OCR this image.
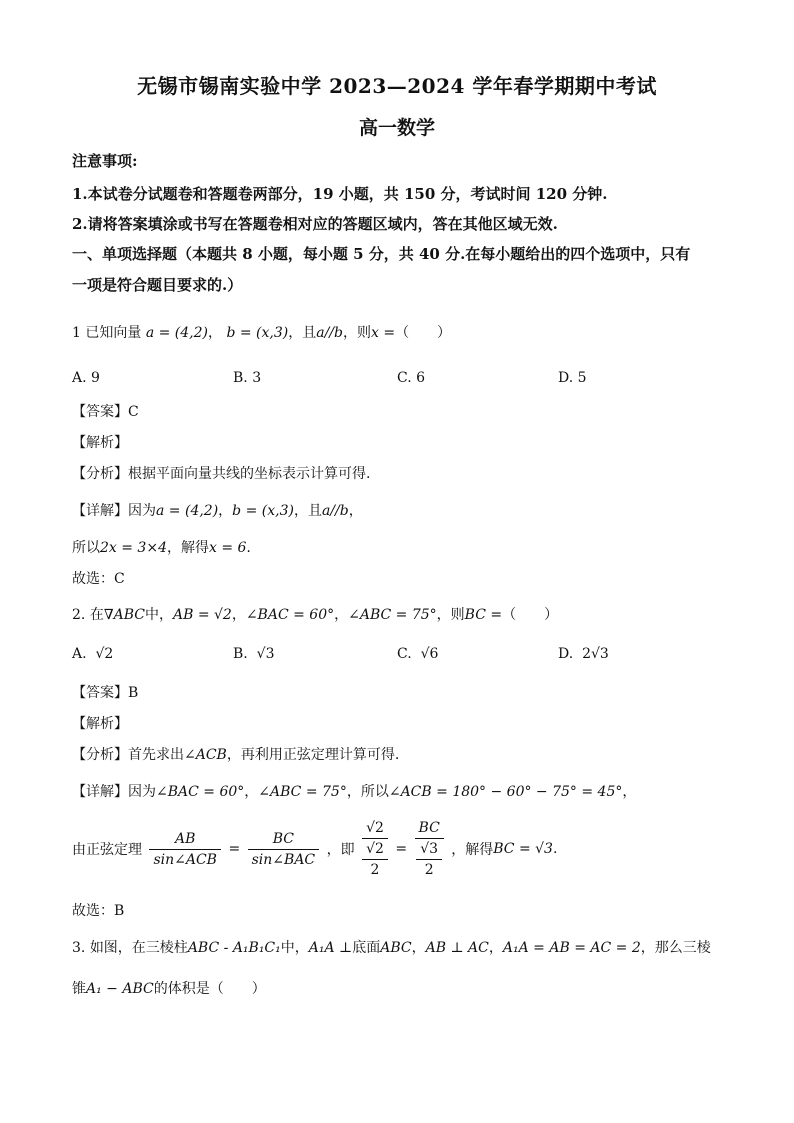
无锡市锡南实验中学 2023—2024 学年春学期期中考试
高一数学
注意事项:
1.本试卷分试题卷和答题卷两部分，19 小题，共 150 分，考试时间 120 分钟.
2.请将答案填涂或书写在答题卷相对应的答题区域内，答在其他区域无效.
一、单项选择题（本题共 8 小题，每小题 5 分，共 40 分.在每小题给出的四个选项中，只有
一项是符合题目要求的.）
1 已知向量 a = (4,2)， b = (x,3)，且a//b，则x =（　　）
A. 9	B. 3	C. 6	D. 5
【答案】C
【解析】
【分析】根据平面向量共线的坐标表示计算可得.
【详解】因为a = (4,2)，b = (x,3)，且a//b，
所以2x = 3×4，解得x = 6.
故选：C
2. 在∇ABC中，AB = √2，∠BAC = 60°，∠ABC = 75°，则BC =（　　）
A. √2	B. √3	C. √6	D. 2√3
【答案】B
【解析】
【分析】首先求出∠ACB，再利用正弦定理计算可得.
【详解】因为∠BAC = 60°，∠ABC = 75°，所以∠ACB = 180° − 60° − 75° = 45°，
由正弦定理 $\frac{AB}{\text{sin∠ACB}} = \frac{BC}{\text{sin∠BAC}}$ ，即 $\frac{√2}{\frac{√2}{2}} = \frac{BC}{\frac{√3}{2}}$ ，解得BC = √3.
故选：B
3. 如图，在三棱柱ABC - A₁B₁C₁中，A₁A ⊥底面ABC，AB ⊥ AC，A₁A = AB = AC = 2，那么三棱
锥A₁ − ABC的体积是（　　）
